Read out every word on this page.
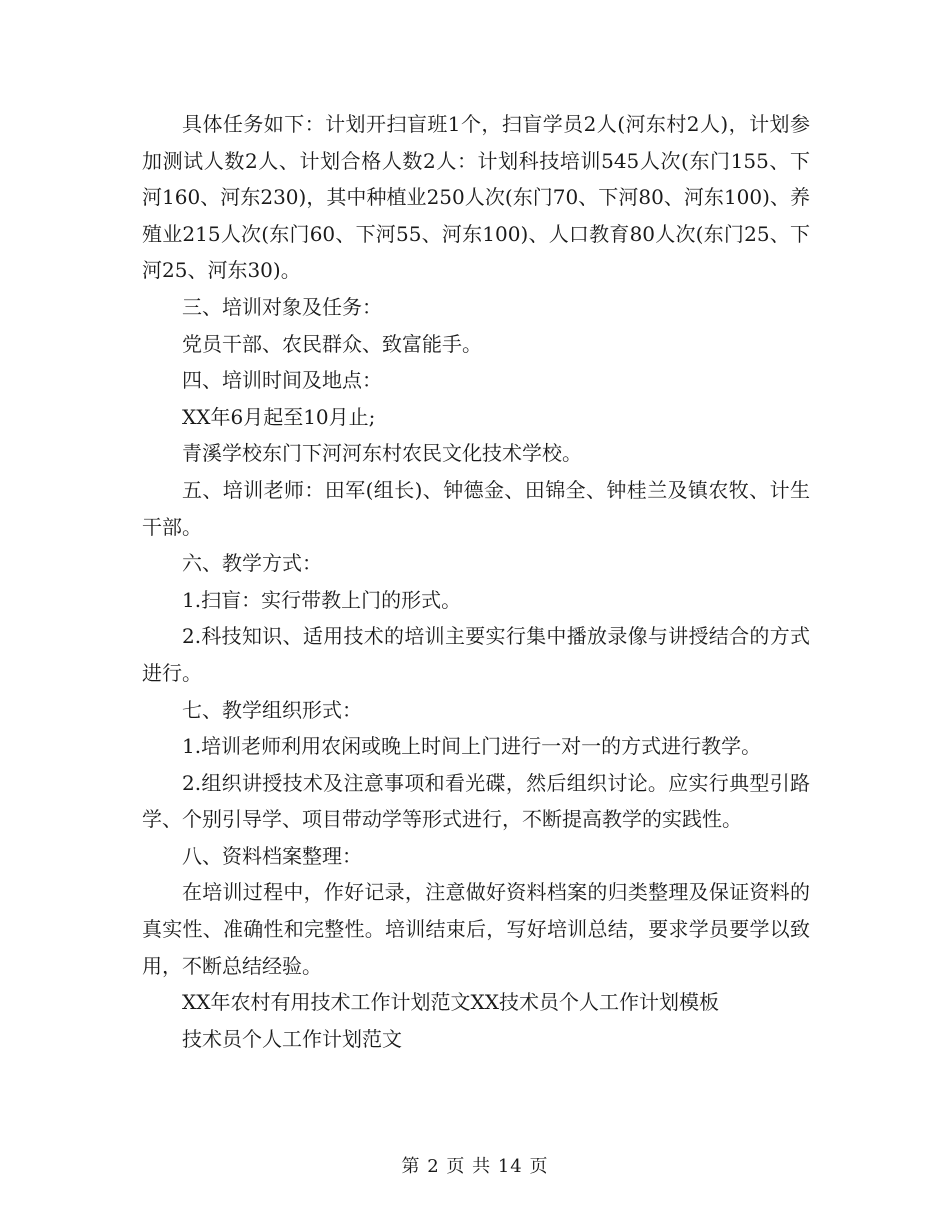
具体任务如下：计划开扫盲班1个，扫盲学员2人(河东村2人)，计划参加测试人数2人、计划合格人数2人：计划科技培训545人次(东门155、下河160、河东230)，其中种植业250人次(东门70、下河80、河东100)、养殖业215人次(东门60、下河55、河东100)、人口教育80人次(东门25、下河25、河东30)。

三、培训对象及任务：

党员干部、农民群众、致富能手。

四、培训时间及地点：

XX年6月起至10月止;

青溪学校东门下河河东村农民文化技术学校。

五、培训老师：田军(组长)、钟德金、田锦全、钟桂兰及镇农牧、计生干部。

六、教学方式：

1.扫盲：实行带教上门的形式。

2.科技知识、适用技术的培训主要实行集中播放录像与讲授结合的方式进行。

七、教学组织形式：

1.培训老师利用农闲或晚上时间上门进行一对一的方式进行教学。

2.组织讲授技术及注意事项和看光碟，然后组织讨论。应实行典型引路学、个别引导学、项目带动学等形式进行，不断提高教学的实践性。

八、资料档案整理：

在培训过程中，作好记录，注意做好资料档案的归类整理及保证资料的真实性、准确性和完整性。培训结束后，写好培训总结，要求学员要学以致用，不断总结经验。

XX年农村有用技术工作计划范文XX技术员个人工作计划模板

技术员个人工作计划范文

第 2 页 共 14 页
